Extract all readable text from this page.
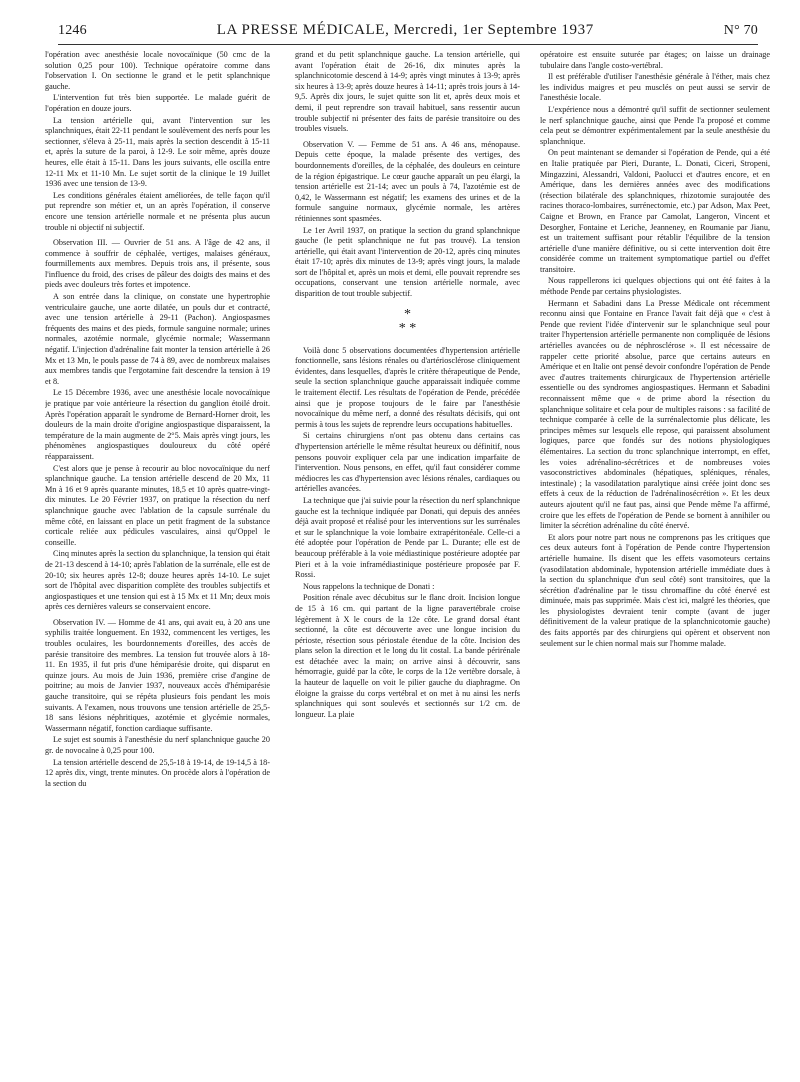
1246	LA PRESSE MÉDICALE, Mercredi, 1er Septembre 1937	N° 70

l'opération avec anesthésie locale novocaïnique (50 cmc de la solution 0,25 pour 100). Technique opératoire comme dans l'observation I. On sectionne le grand et le petit splanchnique gauche.

L'intervention fut très bien supportée. Le malade guérit de l'opération en douze jours.

La tension artérielle qui, avant l'intervention sur les splanchniques, était 22-11 pendant le soulèvement des nerfs pour les sectionner, s'éleva à 25-11, mais après la section descendit à 15-11 et, après la suture de la paroi, à 12-9. Le soir même, après douze heures, elle était à 15-11. Dans les jours suivants, elle oscilla entre 12-11 Mx et 11-10 Mn. Le sujet sortit de la clinique le 19 Juillet 1936 avec une tension de 13-9.

Les conditions générales étaient améliorées, de telle façon qu'il put reprendre son métier et, un an après l'opération, il conserve encore une tension artérielle normale et ne présenta plus aucun trouble ni objectif ni subjectif.

Observation III. — Ouvrier de 51 ans. A l'âge de 42 ans, il commence à souffrir de céphalée, vertiges, malaises généraux, fourmillements aux membres. Depuis trois ans, il présente, sous l'influence du froid, des crises de pâleur des doigts des mains et des pieds avec douleurs très fortes et impotence.

A son entrée dans la clinique, on constate une hypertrophie ventriculaire gauche, une aorte dilatée, un pouls dur et contracté, avec une tension artérielle à 29-11 (Pachon). Angiospasmes fréquents des mains et des pieds, formule sanguine normale; urines normales, azotémie normale, glycémie normale; Wassermann négatif. L'injection d'adrénaline fait monter la tension artérielle à 26 Mx et 13 Mn, le pouls passe de 74 à 89, avec de nombreux malaises aux membres tandis que l'ergotamine fait descendre la tension à 19 et 8.

Le 15 Décembre 1936, avec une anesthésie locale novocaïnique je pratique par voie antérieure la résection du ganglion étoilé droit. Après l'opération apparaît le syndrome de Bernard-Horner droit, les douleurs de la main droite d'origine angiospastique disparaissent, la température de la main augmente de 2°5. Mais après vingt jours, les phénomènes angiospastiques douloureux du côté opéré réapparaissent.

C'est alors que je pense à recourir au bloc novocaïnique du nerf splanchnique gauche. La tension artérielle descend de 20 Mx, 11 Mn à 16 et 9 après quarante minutes, 18,5 et 10 après quatre-vingt-dix minutes. Le 20 Février 1937, on pratique la résection du nerf splanchnique gauche avec l'ablation de la capsule surrénale du même côté, en laissant en place un petit fragment de la substance corticale reliée aux pédicules vasculaires, ainsi qu'Oppel le conseille.

Cinq minutes après la section du splanchnique, la tension qui était de 21-13 descend à 14-10; après l'ablation de la surrénale, elle est de 20-10; six heures après 12-8; douze heures après 14-10. Le sujet sort de l'hôpital avec disparition complète des troubles subjectifs et angiospastiques et une tension qui est à 15 Mx et 11 Mn; deux mois après ces dernières valeurs se conservaient encore.

Observation IV. — Homme de 41 ans, qui avait eu, à 20 ans une syphilis traitée longuement. En 1932, commencent les vertiges, les troubles oculaires, les bourdonnements d'oreilles, des accès de parésie transitoire des membres. La tension fut trouvée alors à 18-11. En 1935, il fut pris d'une hémiparésie droite, qui disparut en quinze jours. Au mois de Juin 1936, première crise d'angine de poitrine; au mois de Janvier 1937, nouveaux accès d'hémiparésie gauche transitoire, qui se répéta plusieurs fois pendant les mois suivants. A l'examen, nous trouvons une tension artérielle de 25,5-18 sans lésions néphritiques, azotémie et glycémie normales, Wassermann négatif, fonction cardiaque suffisante.

Le sujet est soumis à l'anesthésie du nerf splanchnique gauche 20 gr. de novocaïne à 0,25 pour 100.

La tension artérielle descend de 25,5-18 à 19-14, de 19-14,5 à 18-12 après dix, vingt, trente minutes. On procède alors à l'opération de la section du

grand et du petit splanchnique gauche. La tension artérielle, qui avant l'opération était de 26-16, dix minutes après la splanchnicotomie descend à 14-9; après vingt minutes à 13-9; après six heures à 13-9; après douze heures à 14-11; après trois jours à 14-9,5. Après dix jours, le sujet quitte son lit et, après deux mois et demi, il peut reprendre son travail habituel, sans ressentir aucun trouble subjectif ni présenter des faits de parésie transitoire ou des troubles visuels.

Observation V. — Femme de 51 ans. A 46 ans, ménopause. Depuis cette époque, la malade présente des vertiges, des bourdonnements d'oreilles, de la céphalée, des douleurs en ceinture de la région épigastrique. Le cœur gauche apparaît un peu élargi, la tension artérielle est 21-14; avec un pouls à 74, l'azotémie est de 0,42, le Wassermann est négatif; les examens des urines et de la formule sanguine normaux, glycémie normale, les artères rétiniennes sont spasmées.

Le 1er Avril 1937, on pratique la section du grand splanchnique gauche (le petit splanchnique ne fut pas trouvé). La tension artérielle, qui était avant l'intervention de 20-12, après cinq minutes était 17-10; après dix minutes de 13-9; après vingt jours, la malade sort de l'hôpital et, après un mois et demi, elle pouvait reprendre ses occupations, conservant une tension artérielle normale, avec disparition de tout trouble subjectif.

*
* *

Voilà donc 5 observations documentées d'hypertension artérielle fonctionnelle, sans lésions rénales ou d'artériosclérose cliniquement évidentes, dans lesquelles, d'après le critère thérapeutique de Pende, seule la section splanchnique gauche apparaissait indiquée comme le traitement électif. Les résultats de l'opération de Pende, précédée ainsi que je propose toujours de le faire par l'anesthésie novocaïnique du même nerf, a donné des résultats décisifs, qui ont permis à tous les sujets de reprendre leurs occupations habituelles.

Si certains chirurgiens n'ont pas obtenu dans certains cas d'hypertension artérielle le même résultat heureux ou définitif, nous pensons pouvoir expliquer cela par une indication imparfaite de l'intervention. Nous pensons, en effet, qu'il faut considérer comme médiocres les cas d'hypertension avec lésions rénales, cardiaques ou artérielles avancées.

La technique que j'ai suivie pour la résection du nerf splanchnique gauche est la technique indiquée par Donati, qui depuis des années déjà avait proposé et réalisé pour les interventions sur les surrénales et sur le splanchnique la voie lombaire extrapéritonéale. Celle-ci a été adoptée pour l'opération de Pende par L. Durante; elle est de beaucoup préférable à la voie médiastinique postérieure adoptée par Pieri et à la voie inframédiastinique postérieure proposée par F. Rossi.

Nous rappelons la technique de Donati :

Position rénale avec décubitus sur le flanc droit. Incision longue de 15 à 16 cm. qui partant de la ligne paravertébrale croise légèrement à X le cours de la 12e côte. Le grand dorsal étant sectionné, la côte est découverte avec une longue incision du périoste, résection sous périostale étendue de la côte. Incision des plans selon la direction et le long du lit costal. La bande périrénale est détachée avec la main; on arrive ainsi à découvrir, sans hémorragie, guidé par la côte, le corps de la 12e vertèbre dorsale, à la hauteur de laquelle on voit le pilier gauche du diaphragme. On éloigne la graisse du corps vertébral et on met à nu ainsi les nerfs splanchniques qui sont soulevés et sectionnés sur 1/2 cm. de longueur. La plaie

opératoire est ensuite suturée par étages; on laisse un drainage tubulaire dans l'angle costo-vertébral.

Il est préférable d'utiliser l'anesthésie générale à l'éther, mais chez les individus maigres et peu musclés on peut aussi se servir de l'anesthésie locale.

L'expérience nous a démontré qu'il suffit de sectionner seulement le nerf splanchnique gauche, ainsi que Pende l'a proposé et comme cela peut se démontrer expérimentalement par la seule anesthésie du splanchnique.

On peut maintenant se demander si l'opération de Pende, qui a été en Italie pratiquée par Pieri, Durante, L. Donati, Ciceri, Stropeni, Mingazzini, Alessandri, Valdoni, Paolucci et d'autres encore, et en Amérique, dans les dernières années avec des modifications (résection bilatérale des splanchniques, rhizotomie surajoutée des racines thoraco-lombaires, surrénectomie, etc.) par Adson, Max Peet, Caigne et Brown, en France par Camolat, Langeron, Vincent et Desorgher, Fontaine et Leriche, Jeanneney, en Roumanie par Jianu, est un traitement suffisant pour rétablir l'équilibre de la tension artérielle d'une manière définitive, ou si cette intervention doit être considérée comme un traitement symptomatique partiel ou d'effet transitoire.

Nous rappellerons ici quelques objections qui ont été faites à la méthode Pende par certains physiologistes.

Hermann et Sabadini dans La Presse Médicale ont récemment reconnu ainsi que Fontaine en France l'avait fait déjà que « c'est à Pende que revient l'idée d'intervenir sur le splanchnique seul pour traiter l'hypertension artérielle permanente non compliquée de lésions artérielles avancées ou de néphrosclérose ». Il est nécessaire de rappeler cette priorité absolue, parce que certains auteurs en Amérique et en Italie ont pensé devoir confondre l'opération de Pende avec d'autres traitements chirurgicaux de l'hypertension artérielle essentielle ou des syndromes angiospastiques. Hermann et Sabadini reconnaissent même que « de prime abord la résection du splanchnique solitaire et cela pour de multiples raisons : sa facilité de technique comparée à celle de la surrénalectomie plus délicate, les principes mêmes sur lesquels elle repose, qui paraissent absolument logiques, parce que fondés sur des notions physiologiques élémentaires. La section du tronc splanchnique interrompt, en effet, les voies adrénalino-sécrétrices et de nombreuses voies vasoconstrictives abdominales (hépatiques, spléniques, rénales, intestinale) ; la vasodilatation paralytique ainsi créée joint donc ses effets à ceux de la réduction de l'adrénalinosécrétion ». Et les deux auteurs ajoutent qu'il ne faut pas, ainsi que Pende même l'a affirmé, croire que les effets de l'opération de Pende se bornent à annihiler ou limiter la sécrétion adrénaline du côté énervé.

Et alors pour notre part nous ne comprenons pas les critiques que ces deux auteurs font à l'opération de Pende contre l'hypertension artérielle humaine. Ils disent que les effets vasomoteurs certains (vasodilatation abdominale, hypotension artérielle immédiate dues à la section du splanchnique d'un seul côté) sont transitoires, que la sécrétion d'adrénaline par le tissu chromaffine du côté énervé est diminuée, mais pas supprimée. Mais c'est ici, malgré les théories, que les physiologistes devraient tenir compte (avant de juger définitivement de la valeur pratique de la splanchnicotomie gauche) des faits apportés par des chirurgiens qui opèrent et observent non seulement sur le chien normal mais sur l'homme malade.
